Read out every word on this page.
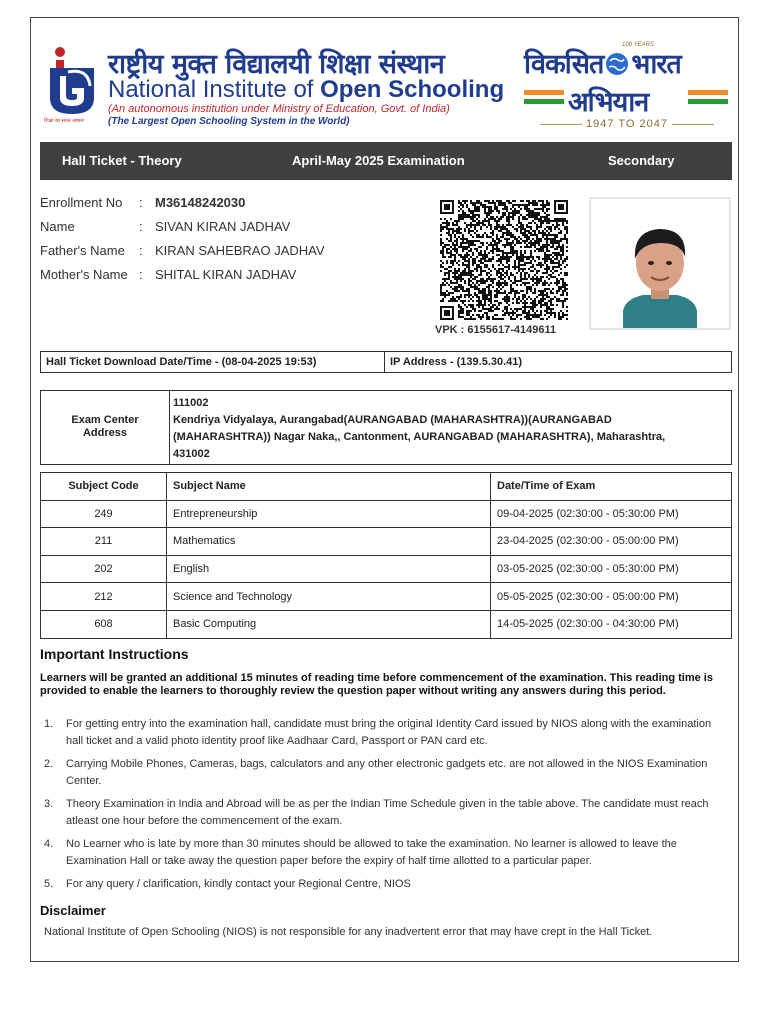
शिक्षा का सतत अवसर
राष्ट्रीय मुक्त विद्यालयी शिक्षा संस्थान
National Institute of Open Schooling
(An autonomous institution under Ministry of Education, Govt. of India)
(The Largest Open Schooling System in the World)
विकसित भारत
100 YEARS
अभियान
1947 TO 2047
Hall Ticket - Theory	April-May 2025 Examination	Secondary
Enrollment No	: M36148242030
Name	: SIVAN KIRAN JADHAV
Father's Name	: KIRAN SAHEBRAO JADHAV
Mother's Name : SHITAL KIRAN JADHAV
VPK : 6155617-4149611
Hall Ticket Download Date/Time - (08-04-2025 19:53)	IP Address - (139.5.30.41)
Exam Center
Address
111002
Kendriya Vidyalaya, Aurangabad(AURANGABAD (MAHARASHTRA))(AURANGABAD
(MAHARASHTRA)) Nagar Naka,, Cantonment, AURANGABAD (MAHARASHTRA), Maharashtra,
431002
Subject Code	Subject Name	Date/Time of Exam
249	Entrepreneurship	09-04-2025 (02:30:00 - 05:30:00 PM)
211	Mathematics	23-04-2025 (02:30:00 - 05:00:00 PM)
202	English	03-05-2025 (02:30:00 - 05:30:00 PM)
212	Science and Technology	05-05-2025 (02:30:00 - 05:00:00 PM)
608	Basic Computing	14-05-2025 (02:30:00 - 04:30:00 PM)
Important Instructions
Learners will be granted an additional 15 minutes of reading time before commencement of the examination. This reading time is provided to enable the learners to thoroughly review the question paper without writing any answers during this period.
1. For getting entry into the examination hall, candidate must bring the original Identity Card issued by NIOS along with the examination hall ticket and a valid photo identity proof like Aadhaar Card, Passport or PAN card etc.
2. Carrying Mobile Phones, Cameras, bags, calculators and any other electronic gadgets etc. are not allowed in the NIOS Examination Center.
3. Theory Examination in India and Abroad will be as per the Indian Time Schedule given in the table above. The candidate must reach atleast one hour before the commencement of the exam.
4. No Learner who is late by more than 30 minutes should be allowed to take the examination. No learner is allowed to leave the Examination Hall or take away the question paper before the expiry of half time allotted to a particular paper.
5. For any query / clarification, kindly contact your Regional Centre, NIOS
Disclaimer
National Institute of Open Schooling (NIOS) is not responsible for any inadvertent error that may have crept in the Hall Ticket.
